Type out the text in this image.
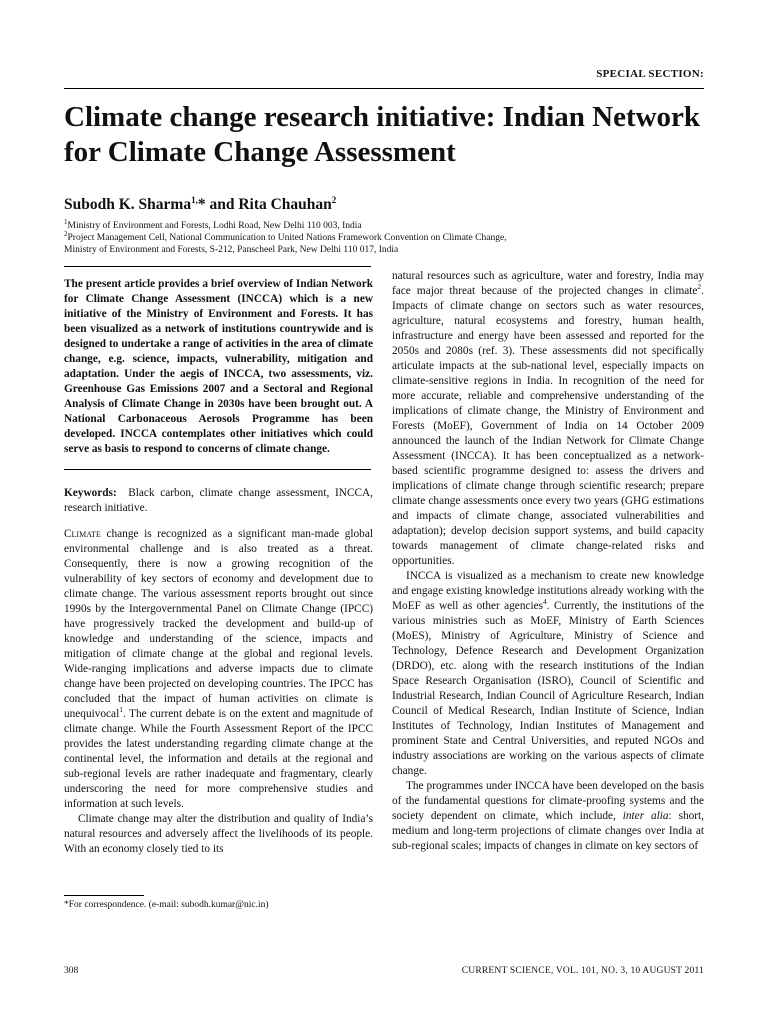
SPECIAL SECTION:
Climate change research initiative: Indian Network for Climate Change Assessment
Subodh K. Sharma$^{1,}$* and Rita Chauhan$^2$
$^1$Ministry of Environment and Forests, Lodhi Road, New Delhi 110 003, India
$^2$Project Management Cell, National Communication to United Nations Framework Convention on Climate Change,
Ministry of Environment and Forests, S-212, Panscheel Park, New Delhi 110 017, India
The present article provides a brief overview of Indian Network for Climate Change Assessment (INCCA) which is a new initiative of the Ministry of Environment and Forests. It has been visualized as a network of institutions countrywide and is designed to undertake a range of activities in the area of climate change, e.g. science, impacts, vulnerability, mitigation and adaptation. Under the aegis of INCCA, two assessments, viz. Greenhouse Gas Emissions 2007 and a Sectoral and Regional Analysis of Climate Change in 2030s have been brought out. A National Carbonaceous Aerosols Programme has been developed. INCCA contemplates other initiatives which could serve as basis to respond to concerns of climate change.
Keywords: Black carbon, climate change assessment, INCCA, research initiative.

Climate change is recognized as a significant man-made global environmental challenge and is also treated as a threat. Consequently, there is now a growing recognition of the vulnerability of key sectors of economy and development due to climate change. The various assessment reports brought out since 1990s by the Intergovernmental Panel on Climate Change (IPCC) have progressively tracked the development and build-up of knowledge and understanding of the science, impacts and mitigation of climate change at the global and regional levels. Wide-ranging implications and adverse impacts due to climate change have been projected on developing countries. The IPCC has concluded that the impact of human activities on climate is unequivocal$^1$. The current debate is on the extent and magnitude of climate change. While the Fourth Assessment Report of the IPCC provides the latest understanding regarding climate change at the continental level, the information and details at the regional and sub-regional levels are rather inadequate and fragmentary, clearly underscoring the need for more comprehensive studies and information at such levels.

Climate change may alter the distribution and quality of India’s natural resources and adversely affect the livelihoods of its people. With an economy closely tied to its

natural resources such as agriculture, water and forestry, India may face major threat because of the projected changes in climate$^2$. Impacts of climate change on sectors such as water resources, agriculture, natural ecosystems and forestry, human health, infrastructure and energy have been assessed and reported for the 2050s and 2080s (ref. 3). These assessments did not specifically articulate impacts at the sub-national level, especially impacts on climate-sensitive regions in India. In recognition of the need for more accurate, reliable and comprehensive understanding of the implications of climate change, the Ministry of Environment and Forests (MoEF), Government of India on 14 October 2009 announced the launch of the Indian Network for Climate Change Assessment (INCCA). It has been conceptualized as a network-based scientific programme designed to: assess the drivers and implications of climate change through scientific research; prepare climate change assessments once every two years (GHG estimations and impacts of climate change, associated vulnerabilities and adaptation); develop decision support systems, and build capacity towards management of climate change-related risks and opportunities.

INCCA is visualized as a mechanism to create new knowledge and engage existing knowledge institutions already working with the MoEF as well as other agencies$^4$. Currently, the institutions of the various ministries such as MoEF, Ministry of Earth Sciences (MoES), Ministry of Agriculture, Ministry of Science and Technology, Defence Research and Development Organization (DRDO), etc. along with the research institutions of the Indian Space Research Organisation (ISRO), Council of Scientific and Industrial Research, Indian Council of Agriculture Research, Indian Council of Medical Research, Indian Institute of Science, Indian Institutes of Technology, Indian Institutes of Management and prominent State and Central Universities, and reputed NGOs and industry associations are working on the various aspects of climate change.

The programmes under INCCA have been developed on the basis of the fundamental questions for climate-proofing systems and the society dependent on climate, which include, inter alia: short, medium and long-term projections of climate changes over India at sub-regional scales; impacts of changes in climate on key sectors of

*For correspondence. (e-mail: subodh.kumar@nic.in)
308	CURRENT SCIENCE, VOL. 101, NO. 3, 10 AUGUST 2011
